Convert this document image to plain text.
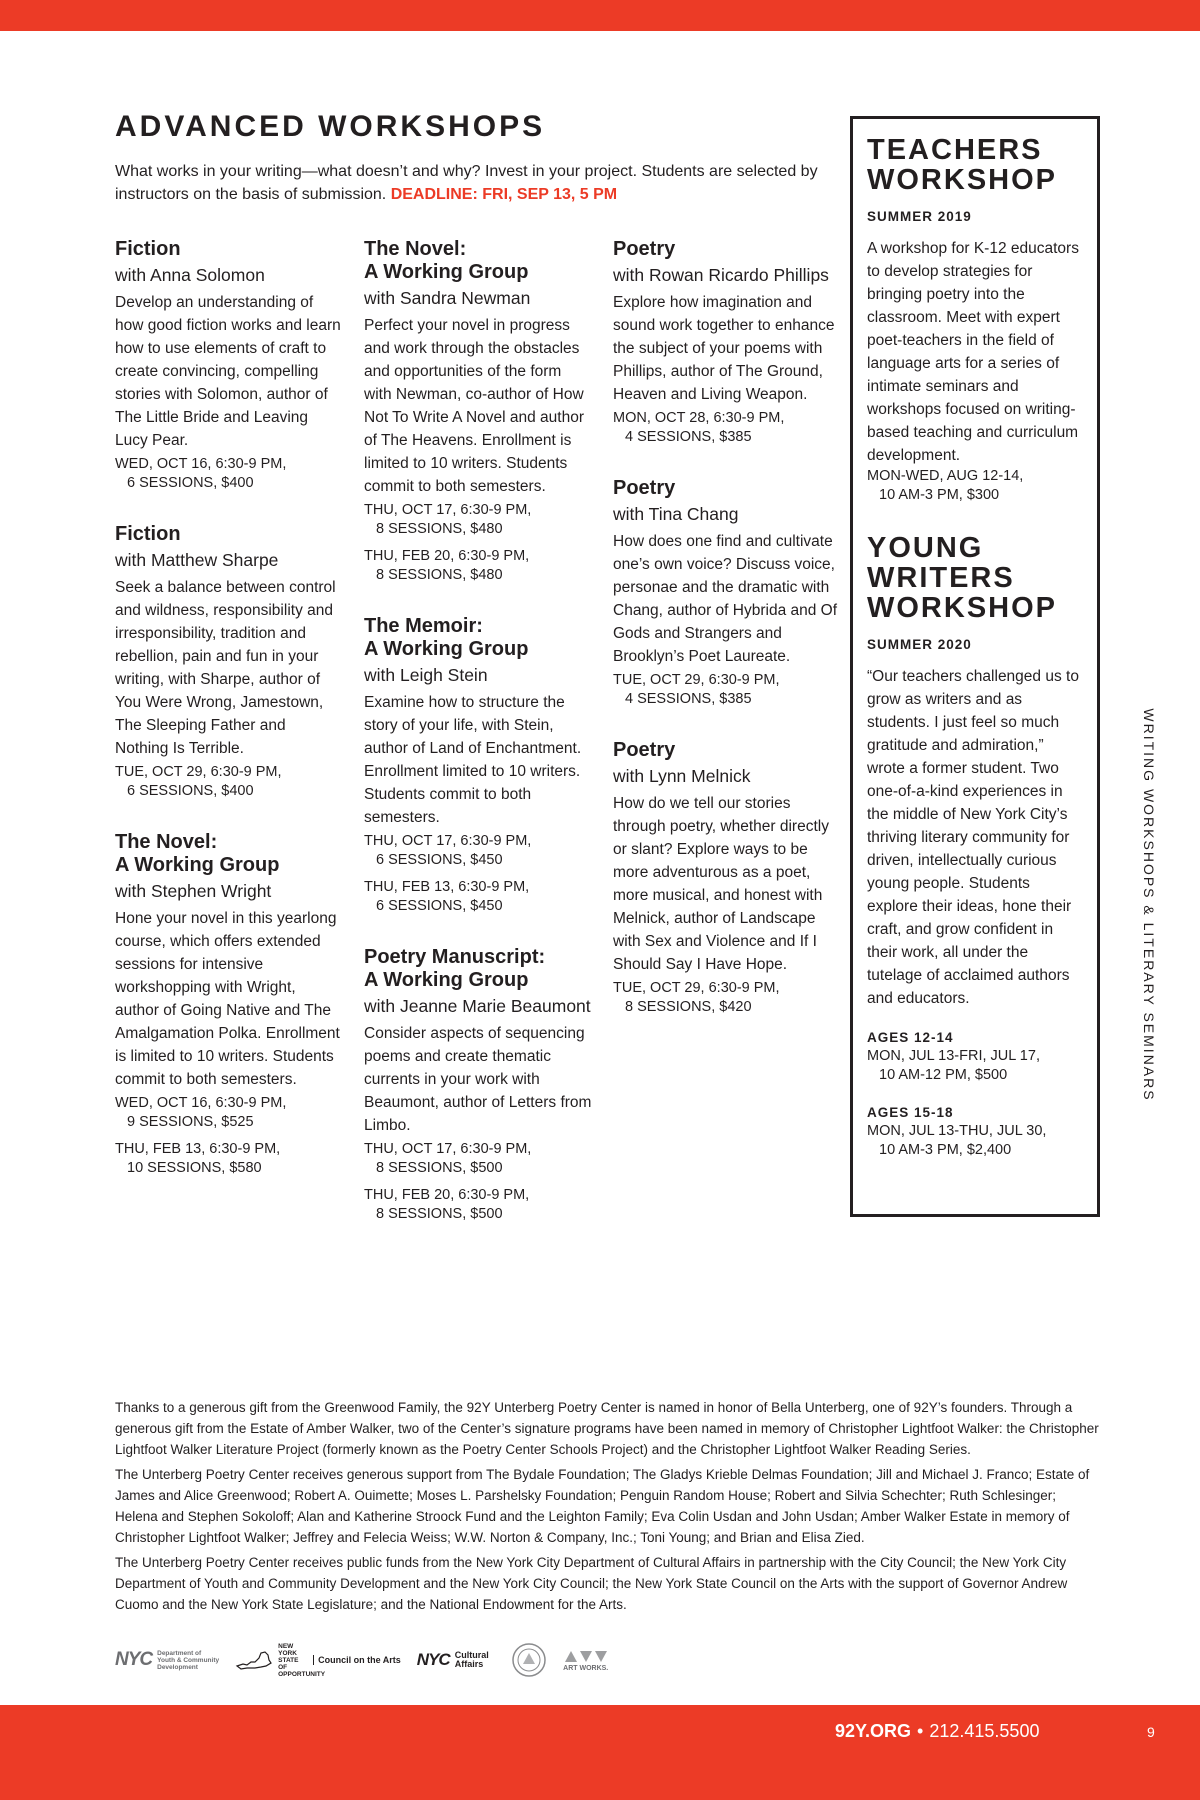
ADVANCED WORKSHOPS
What works in your writing—what doesn’t and why? Invest in your project. Students are selected by instructors on the basis of submission. DEADLINE: FRI, SEP 13, 5 PM
Fiction
with Anna Solomon
Develop an understanding of how good fiction works and learn how to use elements of craft to create convincing, compelling stories with Solomon, author of The Little Bride and Leaving Lucy Pear.
WED, OCT 16, 6:30-9 PM,
6 SESSIONS, $400
Fiction
with Matthew Sharpe
Seek a balance between control and wildness, responsibility and irresponsibility, tradition and rebellion, pain and fun in your writing, with Sharpe, author of You Were Wrong, Jamestown, The Sleeping Father and Nothing Is Terrible.
TUE, OCT 29, 6:30-9 PM,
6 SESSIONS, $400
The Novel:
A Working Group
with Stephen Wright
Hone your novel in this yearlong course, which offers extended sessions for intensive workshopping with Wright, author of Going Native and The Amalgamation Polka. Enrollment is limited to 10 writers. Students commit to both semesters.
WED, OCT 16, 6:30-9 PM,
9 SESSIONS, $525
THU, FEB 13, 6:30-9 PM,
10 SESSIONS, $580
The Novel:
A Working Group
with Sandra Newman
Perfect your novel in progress and work through the obstacles and opportunities of the form with Newman, co-author of How Not To Write A Novel and author of The Heavens. Enrollment is limited to 10 writers. Students commit to both semesters.
THU, OCT 17, 6:30-9 PM,
8 SESSIONS, $480
THU, FEB 20, 6:30-9 PM,
8 SESSIONS, $480
The Memoir:
A Working Group
with Leigh Stein
Examine how to structure the story of your life, with Stein, author of Land of Enchantment. Enrollment limited to 10 writers. Students commit to both semesters.
THU, OCT 17, 6:30-9 PM,
6 SESSIONS, $450
THU, FEB 13, 6:30-9 PM,
6 SESSIONS, $450
Poetry Manuscript:
A Working Group
with Jeanne Marie Beaumont
Consider aspects of sequencing poems and create thematic currents in your work with Beaumont, author of Letters from Limbo.
THU, OCT 17, 6:30-9 PM,
8 SESSIONS, $500
THU, FEB 20, 6:30-9 PM,
8 SESSIONS, $500
Poetry
with Rowan Ricardo Phillips
Explore how imagination and sound work together to enhance the subject of your poems with Phillips, author of The Ground, Heaven and Living Weapon.
MON, OCT 28, 6:30-9 PM,
4 SESSIONS, $385
Poetry
with Tina Chang
How does one find and cultivate one’s own voice? Discuss voice, personae and the dramatic with Chang, author of Hybrida and Of Gods and Strangers and Brooklyn’s Poet Laureate.
TUE, OCT 29, 6:30-9 PM,
4 SESSIONS, $385
Poetry
with Lynn Melnick
How do we tell our stories through poetry, whether directly or slant? Explore ways to be more adventurous as a poet, more musical, and honest with Melnick, author of Landscape with Sex and Violence and If I Should Say I Have Hope.
TUE, OCT 29, 6:30-9 PM,
8 SESSIONS, $420
TEACHERS
WORKSHOP
SUMMER 2019
A workshop for K-12 educators to develop strategies for bringing poetry into the classroom. Meet with expert poet-teachers in the field of language arts for a series of intimate seminars and workshops focused on writing-based teaching and curriculum development.
MON-WED, AUG 12-14,
10 AM-3 PM, $300
YOUNG
WRITERS
WORKSHOP
SUMMER 2020
“Our teachers challenged us to grow as writers and as students. I just feel so much gratitude and admiration,” wrote a former student. Two one-of-a-kind experiences in the middle of New York City’s thriving literary community for driven, intellectually curious young people. Students explore their ideas, hone their craft, and grow confident in their work, all under the tutelage of acclaimed authors and educators.
AGES 12-14
MON, JUL 13-FRI, JUL 17,
10 AM-12 PM, $500
AGES 15-18
MON, JUL 13-THU, JUL 30,
10 AM-3 PM, $2,400
WRITING WORKSHOPS & LITERARY SEMINARS

Thanks to a generous gift from the Greenwood Family, the 92Y Unterberg Poetry Center is named in honor of Bella Unterberg, one of 92Y’s founders. Through a generous gift from the Estate of Amber Walker, two of the Center’s signature programs have been named in memory of Christopher Lightfoot Walker: the Christopher Lightfoot Walker Literature Project (formerly known as the Poetry Center Schools Project) and the Christopher Lightfoot Walker Reading Series.

The Unterberg Poetry Center receives generous support from The Bydale Foundation; The Gladys Krieble Delmas Foundation; Jill and Michael J. Franco; Estate of James and Alice Greenwood; Robert A. Ouimette; Moses L. Parshelsky Foundation; Penguin Random House; Robert and Silvia Schechter; Ruth Schlesinger; Helena and Stephen Sokoloff; Alan and Katherine Stroock Fund and the Leighton Family; Eva Colin Usdan and John Usdan; Amber Walker Estate in memory of Christopher Lightfoot Walker; Jeffrey and Felecia Weiss; W.W. Norton & Company, Inc.; Toni Young; and Brian and Elisa Zied.

The Unterberg Poetry Center receives public funds from the New York City Department of Cultural Affairs in partnership with the City Council; the New York City Department of Youth and Community Development and the New York City Council; the New York State Council on the Arts with the support of Governor Andrew Cuomo and the New York State Legislature; and the National Endowment for the Arts.

NYC Department of Youth & Community Development
NEW YORK STATE OF OPPORTUNITY
Council on the Arts NYC Cultural Affairs	ART WORKS.
92Y.ORG • 212.415.5500	9
